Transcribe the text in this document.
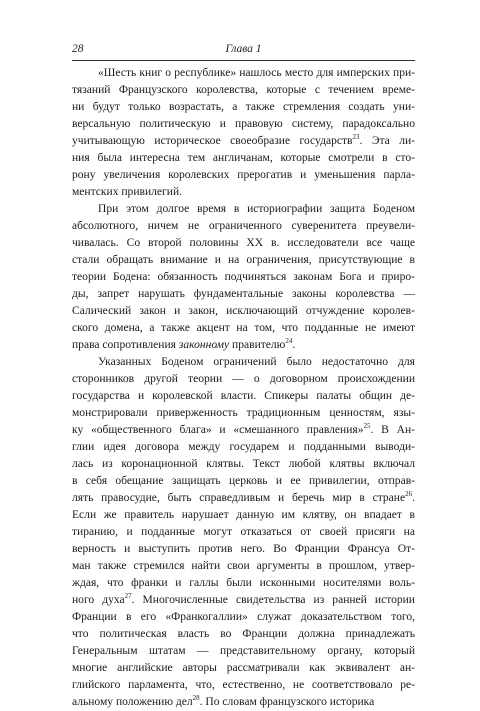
28	Глава 1
«Шесть книг о республике» нашлось место для имперских при-
тязаний Французского королевства, которые с течением време-
ни будут только возрастать, а также стремления создать уни-
версальную политическую и правовую систему, парадоксально
учитывающую историческое своеобразие государств$^{23}$. Эта ли-
ния была интересна тем англичанам, которые смотрели в сто-
рону увеличения королевских прерогатив и уменьшения парла-
ментских привилегий.
При этом долгое время в историографии защита Боденом
абсолютного, ничем не ограниченного суверенитета преувели-
чивалась. Со второй половины XX в. исследователи все чаще
стали обращать внимание и на ограничения, присутствующие в
теории Бодена: обязанность подчиняться законам Бога и приро-
ды, запрет нарушать фундаментальные законы королевства —
Салический закон и закон, исключающий отчуждение королев-
ского домена, а также акцент на том, что подданные не имеют
права сопротивления законному правителю$^{24}$.
Указанных Боденом ограничений было недостаточно для
сторонников другой теории — о договорном происхождении
государства и королевской власти. Спикеры палаты общин де-
монстрировали приверженность традиционным ценностям, язы-
ку «общественного блага» и «смешанного правления»$^{25}$. В Ан-
глии идея договора между государем и подданными выводи-
лась из коронационной клятвы. Текст любой клятвы включал
в себя обещание защищать церковь и ее привилегии, отправ-
лять правосудие, быть справедливым и беречь мир в стране$^{26}$.
Если же правитель нарушает данную им клятву, он впадает в
тиранию, и подданные могут отказаться от своей присяги на
верность и выступить против него. Во Франции Франсуа От-
ман также стремился найти свои аргументы в прошлом, утвер-
ждая, что франки и галлы были исконными носителями воль-
ного духа$^{27}$. Многочисленные свидетельства из ранней истории
Франции в его «Франкогаллии» служат доказательством того,
что политическая власть во Франции должна принадлежать
Генеральным штатам — представительному органу, который
многие английские авторы рассматривали как эквивалент ан-
глийского парламента, что, естественно, не соответствовало ре-
альному положению дел$^{28}$. По словам французского историка
